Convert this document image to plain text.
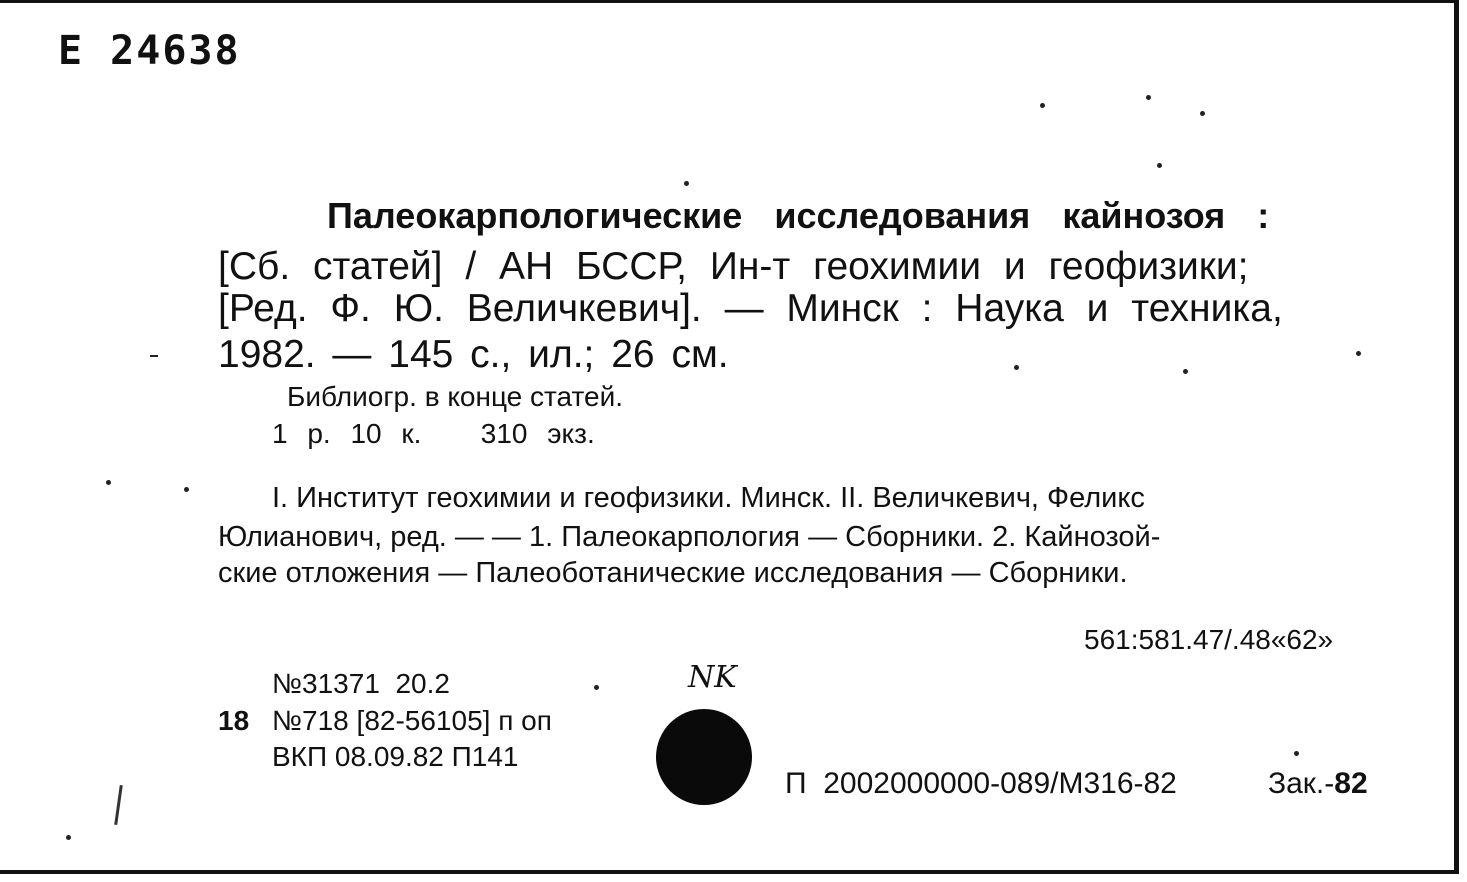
E 24638
Палеокарпологические исследования кайнозоя :
[Сб. статей] / АН БССР, Ин-т геохимии и геофизики;
[Ред. Ф. Ю. Величкевич]. — Минск : Наука и техника,
1982. — 145 с., ил.; 26 см.
Библиогр. в конце статей.
1 р. 10 к.   310 экз.
I. Институт геохимии и геофизики. Минск. II. Величкевич, Феликс
Юлианович, ред. — — 1. Палеокарпология — Сборники. 2. Кайнозой-
ские отложения — Палеоботанические исследования — Сборники.
561:581.47/.48«62»
№31371  20.2
18 №718 [82-56105] п оп
ВКП 08.09.82 П141
NK
П  2002000000-089/М316-82	Зак.-82
